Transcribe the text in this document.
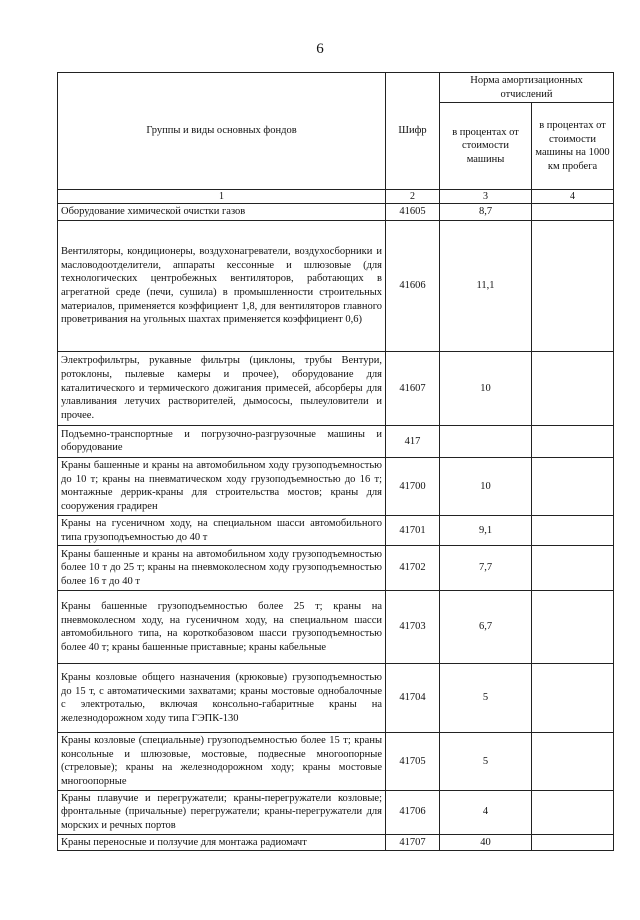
6
Группы и виды основных фондов	Шифр	Норма амортизационных отчислений	
		в процентах от стоимости машины	в процентах от стоимости машины на 1000 км пробега
1	2	3	4
Оборудование химической очистки газов	41605	8,7	
Вентиляторы, кондиционеры, воздухонагреватели, воздухосборники и масловодоотделители, аппараты кессонные и шлюзовые (для технологических центробежных вентиляторов, работающих в агрегатной среде (печи, сушила) в промышленности строительных материалов, применяется коэффициент 1,8, для вентиляторов главного проветривания на угольных шахтах применяется коэффициент 0,6)	41606	11,1	
Электрофильтры, рукавные фильтры (циклоны, трубы Вентури, ротоклоны, пылевые камеры и прочее), оборудование для каталитического и термического дожигания примесей, абсорберы для улавливания летучих растворителей, дымососы, пылеуловители и прочее.	41607	10	
Подъемно-транспортные и погрузочно-разгрузочные машины и оборудование	417		
Краны башенные и краны на автомобильном ходу грузоподъемностью до 10 т; краны на пневматическом ходу грузоподъемностью до 16 т; монтажные деррик-краны для строительства мостов; краны для сооружения градирен	41700	10	
Краны на гусеничном ходу, на специальном шасси автомобильного типа грузоподъемностью до 40 т	41701	9,1	
Краны башенные и краны на автомобильном ходу грузоподъемностью более 10 т до 25 т; краны на пневмоколесном ходу грузоподъемностью более 16 т до 40 т	41702	7,7	
Краны башенные грузоподъемностью более 25 т; краны на пневмоколесном ходу, на гусеничном ходу, на специальном шасси автомобильного типа, на короткобазовом шасси грузоподъемностью более 40 т; краны башенные приставные; краны кабельные	41703	6,7	
Краны козловые общего назначения (крюковые) грузоподъемностью до 15 т, с автоматическими захватами; краны мостовые однобалочные с электроталью, включая консольно-габаритные краны на железнодорожном ходу типа ГЭПК-130	41704	5	
Краны козловые (специальные) грузоподъемностью более 15 т; краны консольные и шлюзовые, мостовые, подвесные многоопорные (стреловые); краны на железнодорожном ходу; краны мостовые многоопорные	41705	5	
Краны плавучие и перегружатели; краны-перегружатели козловые; фронтальные (причальные) перегружатели; краны-перегружатели для морских и речных портов	41706	4	
Краны переносные и ползучие для монтажа радиомачт	41707	40	
